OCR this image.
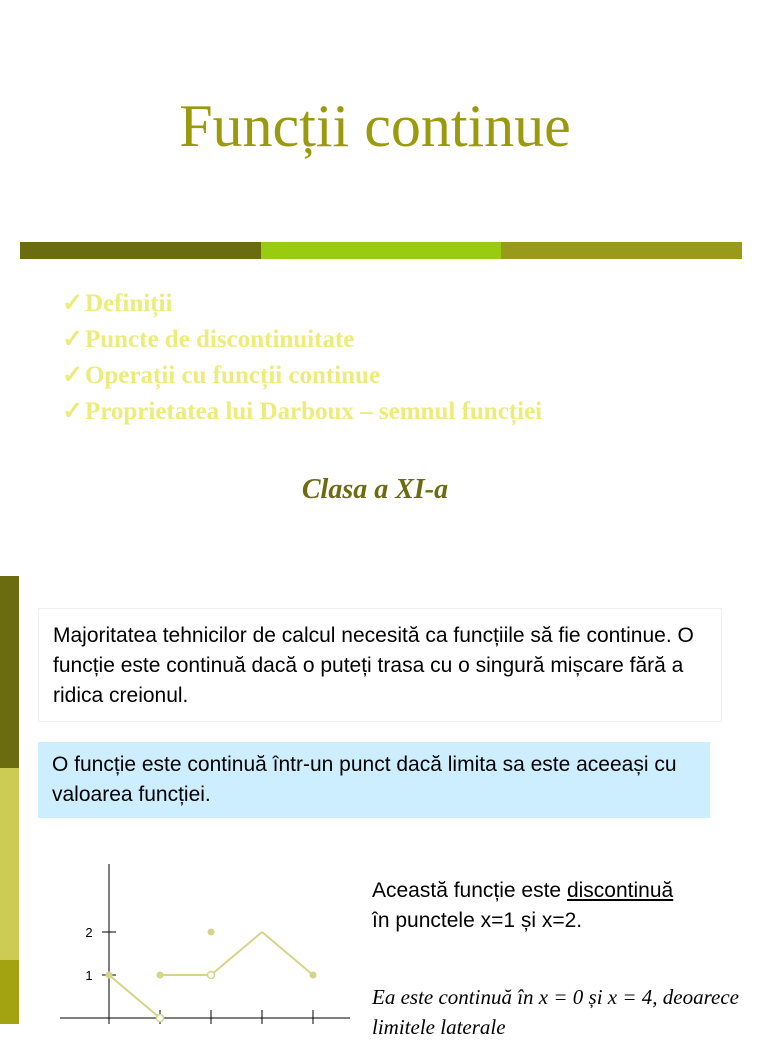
Funcții continue
✓Definiții
✓Puncte de discontinuitate
✓Operații cu funcții continue
✓Proprietatea lui Darboux – semnul funcției
Clasa a XI-a
Majoritatea tehnicilor de calcul necesită ca funcțiile să fie continue. O funcție este continuă dacă o puteți trasa cu o singură mișcare fără a ridica creionul.
O funcție este continuă într-un punct dacă limita sa este aceeași cu valoarea funcției.
2
1
Această funcție este discontinuă
în punctele x=1 și x=2.
Ea este continuă în x = 0 și x = 4, deoarece limitele laterale
